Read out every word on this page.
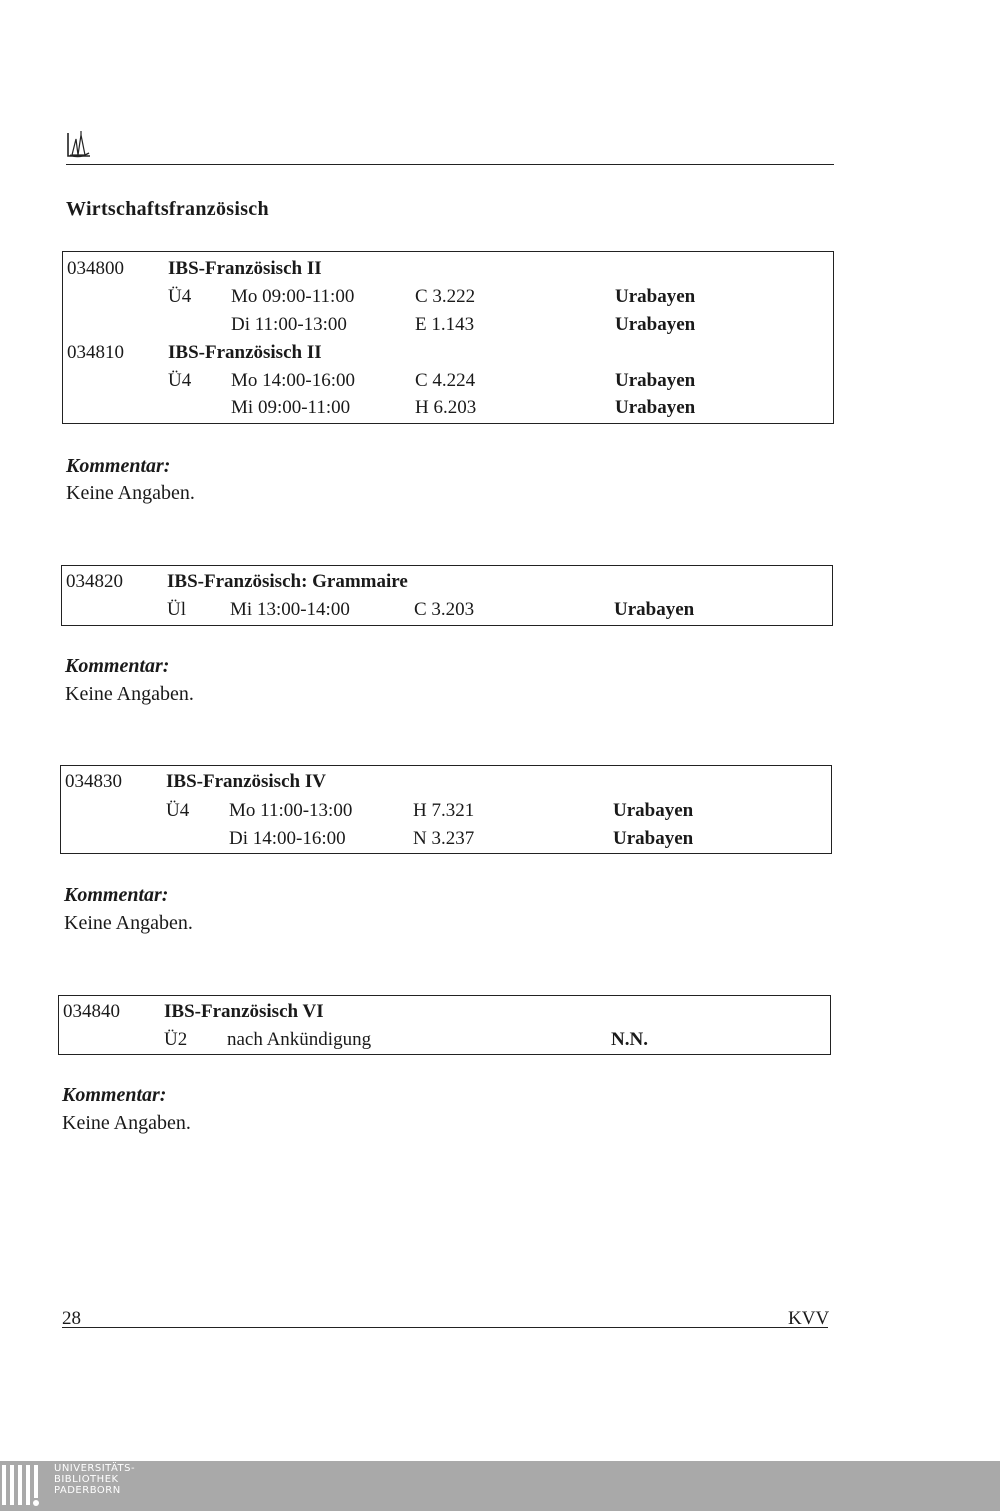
Wirtschaftsfranzösisch
034800 IBS-Französisch II
Ü4 Mo 09:00-11:00	C 3.222	Urabayen
Di 11:00-13:00	E 1.143	Urabayen
034810 IBS-Französisch II
Ü4 Mo 14:00-16:00	C 4.224	Urabayen
Mi 09:00-11:00	H 6.203	Urabayen
Kommentar:
Keine Angaben.
034820 IBS-Französisch: Grammaire
Ül Mi 13:00-14:00	C 3.203	Urabayen
Kommentar:
Keine Angaben.
034830 IBS-Französisch IV
Ü4 Mo 11:00-13:00	H 7.321	Urabayen
Di 14:00-16:00	N 3.237	Urabayen
Kommentar:
Keine Angaben.
034840 IBS-Französisch VI
Ü2 nach Ankündigung	N.N.
Kommentar:
Keine Angaben.
28	KVV
UNIVERSITÄTS-
BIBLIOTHEK
PADERBORN
